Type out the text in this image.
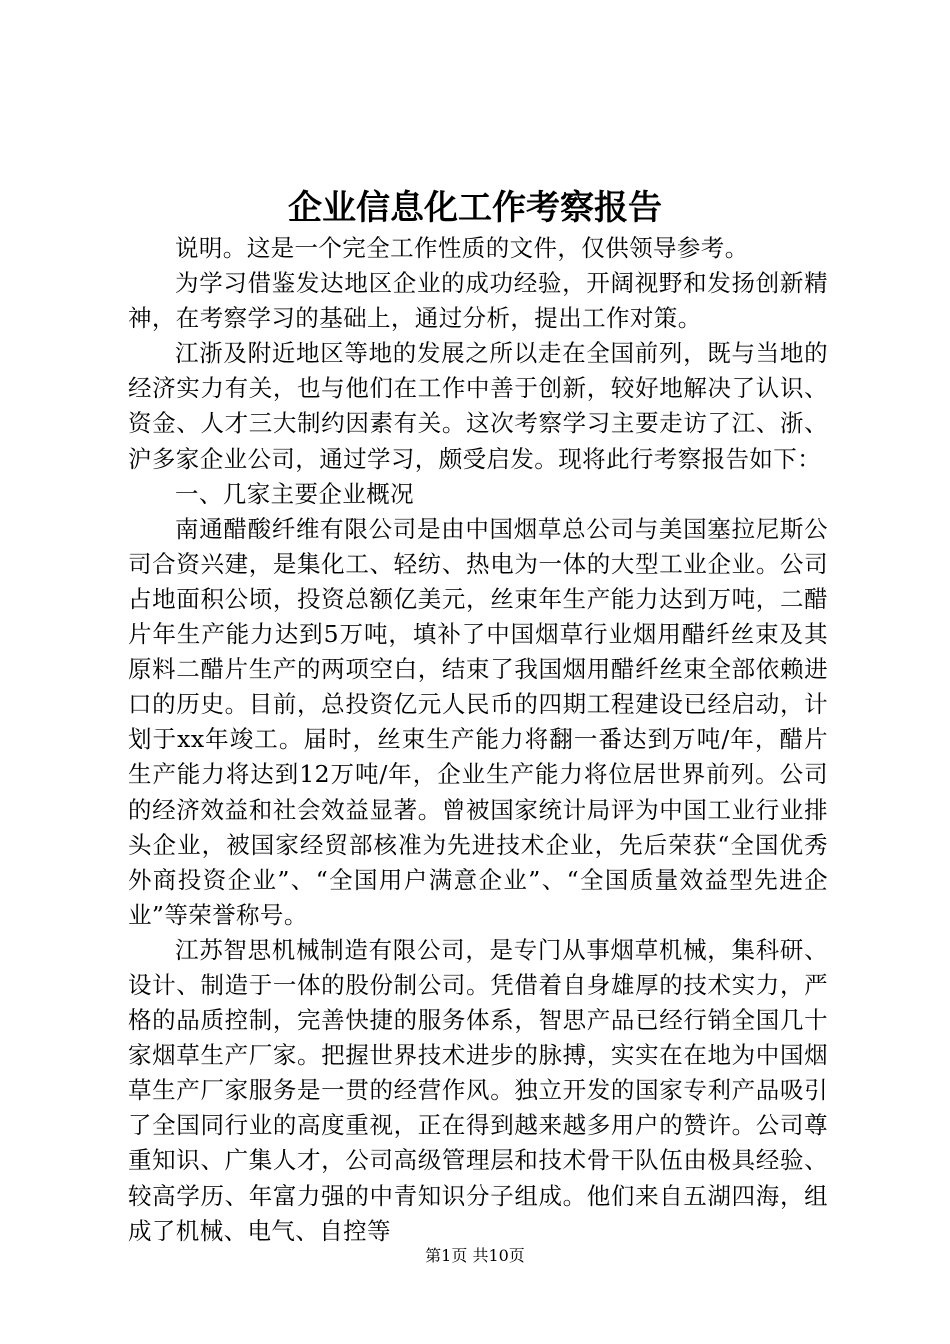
企业信息化工作考察报告

说明。这是一个完全工作性质的文件，仅供领导参考。

为学习借鉴发达地区企业的成功经验，开阔视野和发扬创新精神，在考察学习的基础上，通过分析，提出工作对策。

江浙及附近地区等地的发展之所以走在全国前列，既与当地的经济实力有关，也与他们在工作中善于创新，较好地解决了认识、资金、人才三大制约因素有关。这次考察学习主要走访了江、浙、沪多家企业公司，通过学习，颇受启发。现将此行考察报告如下：

一、几家主要企业概况

南通醋酸纤维有限公司是由中国烟草总公司与美国塞拉尼斯公司合资兴建，是集化工、轻纺、热电为一体的大型工业企业。公司占地面积公顷，投资总额亿美元，丝束年生产能力达到万吨，二醋片年生产能力达到5万吨，填补了中国烟草行业烟用醋纤丝束及其原料二醋片生产的两项空白，结束了我国烟用醋纤丝束全部依赖进口的历史。目前，总投资亿元人民币的四期工程建设已经启动，计划于xx年竣工。届时，丝束生产能力将翻一番达到万吨/年，醋片生产能力将达到12万吨/年，企业生产能力将位居世界前列。公司的经济效益和社会效益显著。曾被国家统计局评为中国工业行业排头企业，被国家经贸部核准为先进技术企业，先后荣获“全国优秀外商投资企业”、“全国用户满意企业”、“全国质量效益型先进企业”等荣誉称号。

江苏智思机械制造有限公司，是专门从事烟草机械，集科研、设计、制造于一体的股份制公司。凭借着自身雄厚的技术实力，严格的品质控制，完善快捷的服务体系，智思产品已经行销全国几十家烟草生产厂家。把握世界技术进步的脉搏，实实在在地为中国烟草生产厂家服务是一贯的经营作风。独立开发的国家专利产品吸引了全国同行业的高度重视，正在得到越来越多用户的赞许。公司尊重知识、广集人才，公司高级管理层和技术骨干队伍由极具经验、较高学历、年富力强的中青知识分子组成。他们来自五湖四海，组成了机械、电气、自控等

第1页 共10页
